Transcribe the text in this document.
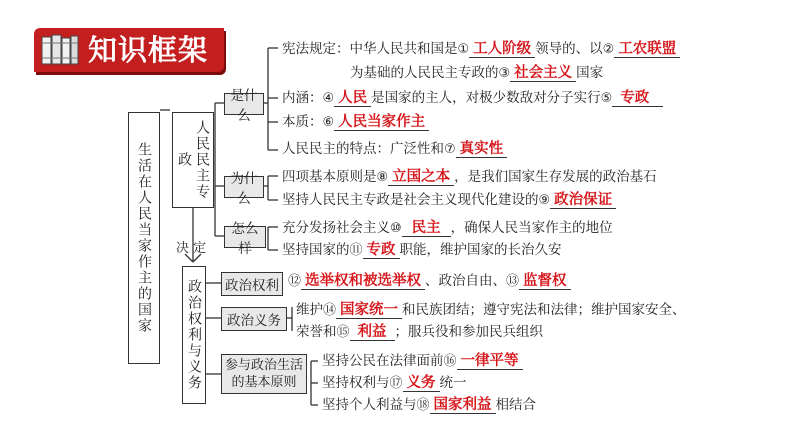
知识框架
生活在人民当家作主的国家	人民民主专政
决 定
是什么
为什么
怎么样
政治权利与义务 政治权利
政治义务
参与政治生活的基本原则
宪法规定：中华人民共和国是① 工人阶级 领导的、以② 工农联盟
为基础的人民民主专政的③ 社会主义 国家
内涵：④ 人民 是国家的主人，对极少数敌对分子实行⑤ 专政
本质：⑥ 人民当家作主
人民民主的特点：广泛性和⑦ 真实性
四项基本原则是⑧ 立国之本 ，是我们国家生存发展的政治基石
坚持人民民主专政是社会主义现代化建设的⑨ 政治保证
充分发扬社会主义⑩ 民主 ，确保人民当家作主的地位
坚持国家的⑪ 专政 职能，维护国家的长治久安
⑫ 选举权和被选举权 、政治自由、⑬ 监督权
维护⑭ 国家统一 和民族团结；遵守宪法和法律；维护国家安全、
荣誉和⑮ 利益 ；服兵役和参加民兵组织
坚持公民在法律面前⑯ 一律平等
坚持权利与⑰ 义务 统一
坚持个人利益与⑱ 国家利益 相结合
